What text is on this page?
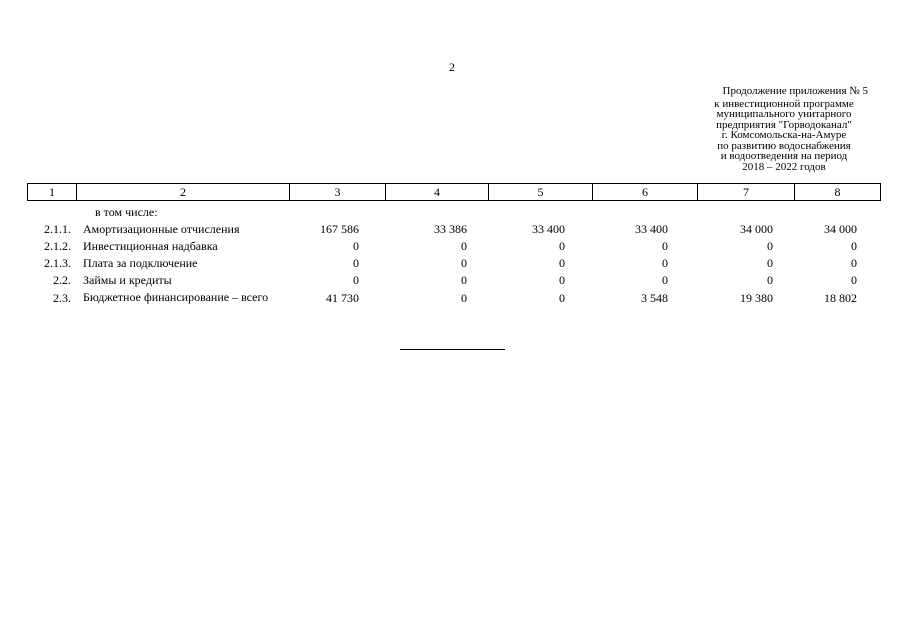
2
Продолжение приложения № 5
к инвестиционной программе
муниципального унитарного
предприятия "Горводоканал"
г. Комсомольска-на-Амуре
по развитию водоснабжения
и водоотведения на период
2018 – 2022 годов
1	2	3	4	5	6	7	8
в том числе:
2.1.1. Амортизационные отчисления	167 586	33 386	33 400	33 400	34 000	34 000
2.1.2. Инвестиционная надбавка	0	0	0	0	0	0
2.1.3. Плата за подключение	0	0	0	0	0	0
2.2. Займы и кредиты	0	0	0	0	0	0
2.3. Бюджетное финансирование – всего	41 730	0	0	3 548	19 380	18 802
